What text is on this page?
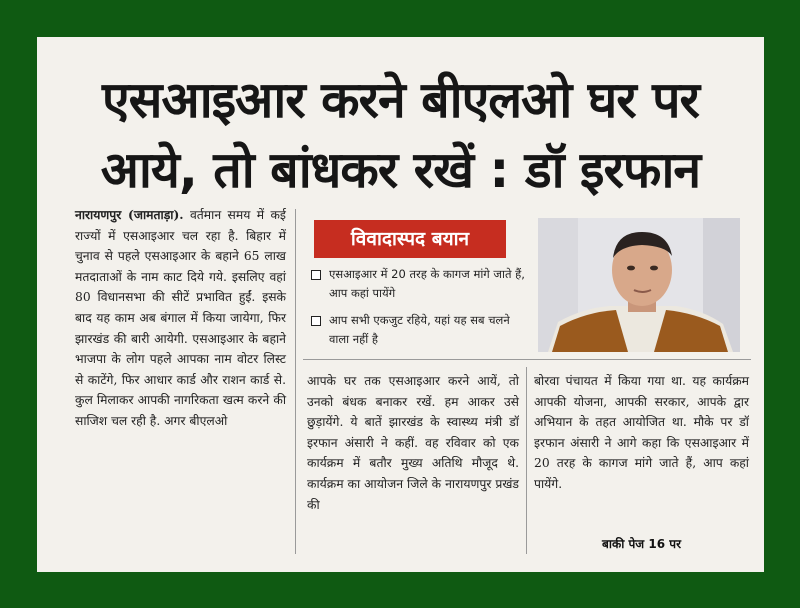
एसआइआर करने बीएलओ घर पर
आये, तो बांधकर रखें : डॉ इरफान
नारायणपुर (जामताड़ा). वर्तमान समय में कई राज्यों में एसआइआर चल रहा है. बिहार में चुनाव से पहले एसआइआर के बहाने 65 लाख मतदाताओं के नाम काट दिये गये. इसलिए वहां 80 विधानसभा की सीटें प्रभावित हुईं. इसके बाद यह काम अब बंगाल में किया जायेगा, फिर झारखंड की बारी आयेगी. एसआइआर के बहाने भाजपा के लोग पहले आपका नाम वोटर लिस्ट से काटेंगे, फिर आधार कार्ड और राशन कार्ड से. कुल मिलाकर आपकी नागरिकता खत्म करने की साजिश चल रही है. अगर बीएलओ
विवादास्पद बयान
एसआइआर में 20 तरह के कागज मांगे जाते हैं, आप कहां पायेंगे
आप सभी एकजुट रहिये, यहां यह सब चलने वाला नहीं है
आपके घर तक एसआइआर करने आयें, तो उनको बंधक बनाकर रखें. हम आकर उसे छुड़ायेंगे. ये बातें झारखंड के स्वास्थ्य मंत्री डॉ इरफान अंसारी ने कहीं. वह रविवार को एक कार्यक्रम में बतौर मुख्य अतिथि मौजूद थे. कार्यक्रम का आयोजन जिले के नारायणपुर प्रखंड की
बोरवा पंचायत में किया गया था. यह कार्यक्रम आपकी योजना, आपकी सरकार, आपके द्वार अभियान के तहत आयोजित था. मौके पर डॉ इरफान अंसारी ने आगे कहा कि एसआइआर में 20 तरह के कागज मांगे जाते हैं, आप कहां पायेंगे.
बाकी पेज 16 पर
